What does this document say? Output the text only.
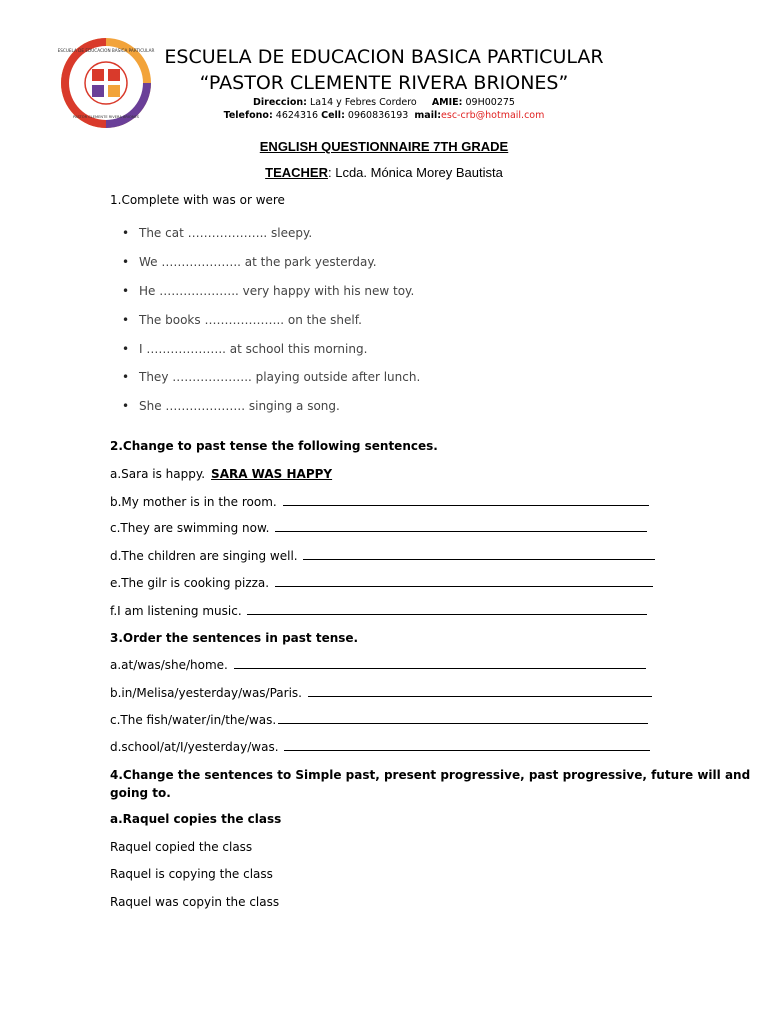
ESCUELA DE EDUCACION BASICA PARTICULAR
PASTOR CLEMENTE RIVERA BRIONES
ESCUELA DE EDUCACION BASICA PARTICULAR
“PASTOR CLEMENTE RIVERA BRIONES”
Direccion: La14 y Febres Cordero AMIE: 09H00275
Telefono: 4624316 Cell: 0960836193 mail:esc-crb@hotmail.com
ENGLISH QUESTIONNAIRE 7TH GRADE
TEACHER: Lcda. Mónica Morey Bautista
1.Complete with was or were
• The cat ……………….. sleepy.
• We ……………….. at the park yesterday.
• He ……………….. very happy with his new toy.
• The books ……………….. on the shelf.
• I ……………….. at school this morning.
• They ……………….. playing outside after lunch.
• She ……………….. singing a song.
2.Change to past tense the following sentences.
a.Sara is happy. SARA WAS HAPPY
b.My mother is in the room.
c.They are swimming now.
d.The children are singing well.
e.The gilr is cooking pizza.
f.I am listening music.
3.Order the sentences in past tense.
a.at/was/she/home.
b.in/Melisa/yesterday/was/Paris.
c.The fish/water/in/the/was.
d.school/at/I/yesterday/was.
4.Change the sentences to Simple past, present progressive, past progressive, future will and
going to.
a.Raquel copies the class
Raquel copied the class
Raquel is copying the class
Raquel was copyin the class
